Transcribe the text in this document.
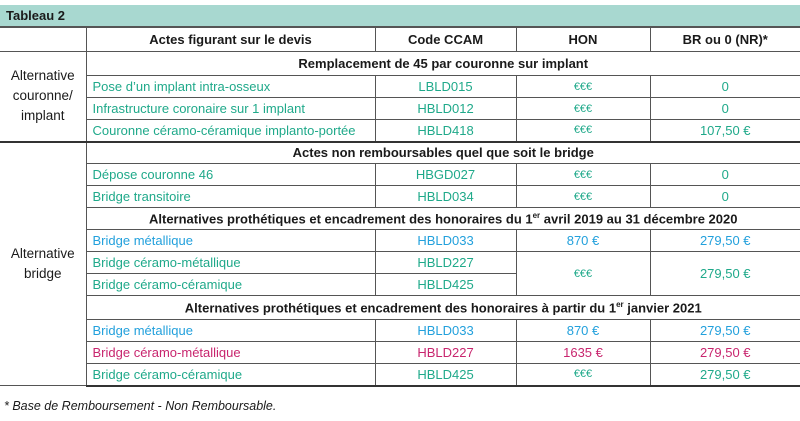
Tableau 2
	Actes figurant sur le devis	Code CCAM	HON	BR ou 0 (NR)*
Alternative couronne/ implant	Remplacement de 45 par couronne sur implant			
	Pose d’un implant intra-osseux	LBLD015	€€€	0
	Infrastructure coronaire sur 1 implant	HBLD012	€€€	0
	Couronne céramo-céramique implanto-portée	HBLD418	€€€	107,50 €
Alternative bridge	Actes non remboursables quel que soit le bridge			
	Dépose couronne 46	HBGD027	€€€	0
	Bridge transitoire	HBLD034	€€€	0
	Alternatives prothétiques et encadrement des honoraires du 1er avril 2019 au 31 décembre 2020			
	Bridge métallique	HBLD033	870 €	279,50 €
	Bridge céramo-métallique	HBLD227	€€€	279,50 €
	Bridge céramo-céramique	HBLD425		
	Alternatives prothétiques et encadrement des honoraires à partir du 1er janvier 2021			
	Bridge métallique	HBLD033	870 €	279,50 €
	Bridge céramo-métallique	HBLD227	1635 €	279,50 €
	Bridge céramo-céramique	HBLD425	€€€	279,50 €
* Base de Remboursement - Non Remboursable.
